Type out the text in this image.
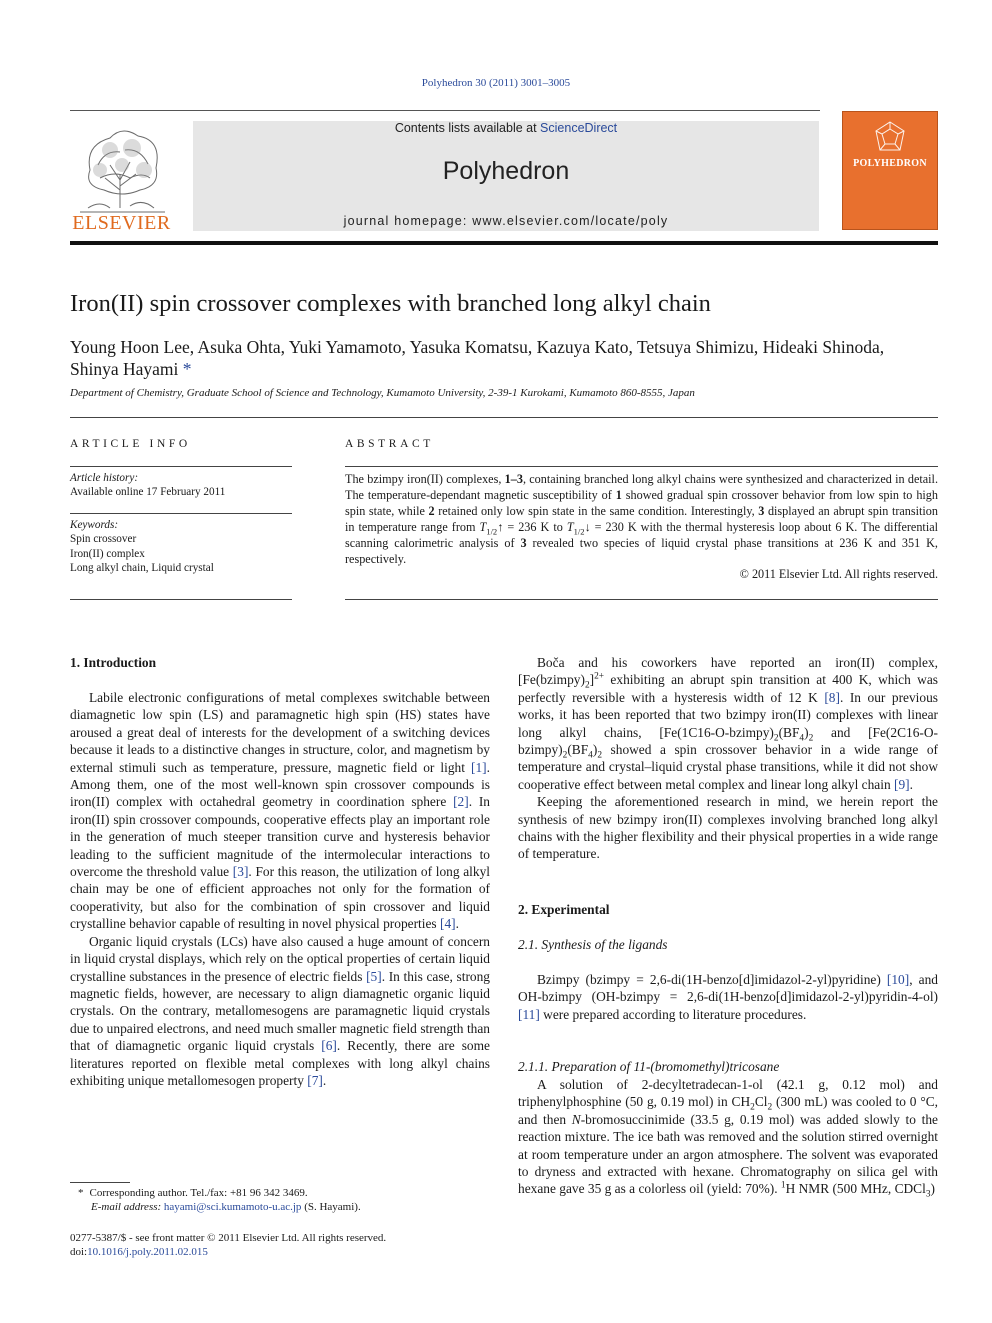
Polyhedron 30 (2011) 3001–3005
ELSEVIER
Contents lists available at ScienceDirect
Polyhedron
journal homepage: www.elsevier.com/locate/poly
POLYHEDRON
Iron(II) spin crossover complexes with branched long alkyl chain
Young Hoon Lee, Asuka Ohta, Yuki Yamamoto, Yasuka Komatsu, Kazuya Kato, Tetsuya Shimizu, Hideaki Shinoda, Shinya Hayami *
Department of Chemistry, Graduate School of Science and Technology, Kumamoto University, 2-39-1 Kurokami, Kumamoto 860-8555, Japan
ARTICLE INFO	ABSTRACT
Article history:
Available online 17 February 2011
Keywords:
Spin crossover
Iron(II) complex
Long alkyl chain, Liquid crystal
The bzimpy iron(II) complexes, 1–3, containing branched long alkyl chains were synthesized and characterized in detail. The temperature-dependant magnetic susceptibility of 1 showed gradual spin crossover behavior from low spin to high spin state, while 2 retained only low spin state in the same condition. Interestingly, 3 displayed an abrupt spin transition in temperature range from $T_{1/2}↑ = 236$ K to $T_{1/2}↓ = 230$ K with the thermal hysteresis loop about 6 K. The differential scanning calorimetric analysis of 3 revealed two species of liquid crystal phase transitions at 236 K and 351 K, respectively.
© 2011 Elsevier Ltd. All rights reserved.
1. Introduction

Labile electronic configurations of metal complexes switchable between diamagnetic low spin (LS) and paramagnetic high spin (HS) states have aroused a great deal of interests for the development of a switching devices because it leads to a distinctive changes in structure, color, and magnetism by external stimuli such as temperature, pressure, magnetic field or light [1]. Among them, one of the most well-known spin crossover compounds is iron(II) complex with octahedral geometry in coordination sphere [2]. In iron(II) spin crossover compounds, cooperative effects play an important role in the generation of much steeper transition curve and hysteresis behavior leading to the sufficient magnitude of the intermolecular interactions to overcome the threshold value [3]. For this reason, the utilization of long alkyl chain may be one of efficient approaches not only for the formation of cooperativity, but also for the combination of spin crossover and liquid crystalline behavior capable of resulting in novel physical properties [4].

Organic liquid crystals (LCs) have also caused a huge amount of concern in liquid crystal displays, which rely on the optical properties of certain liquid crystalline substances in the presence of electric fields [5]. In this case, strong magnetic fields, however, are necessary to align diamagnetic organic liquid crystals. On the contrary, metallomesogens are paramagnetic liquid crystals due to unpaired electrons, and need much smaller magnetic field strength than that of diamagnetic organic liquid crystals [6]. Recently, there are some literatures reported on flexible metal complexes with long alkyl chains exhibiting unique metallomesogen property [7].

Boča and his coworkers have reported an iron(II) complex, $[Fe(bzimpy)_2]^{2+}$ exhibiting an abrupt spin transition at 400 K, which was perfectly reversible with a hysteresis width of 12 K [8]. In our previous works, it has been reported that two bzimpy iron(II) complexes with linear long alkyl chains, [$Fe(1C16-O-bzimpy)_2(BF_4)_2$ and [$Fe(2C16-O-bzimpy)_2(BF_4)_2$ showed a spin crossover behavior in a wide range of temperature and crystal–liquid crystal phase transitions, while it did not show cooperative effect between metal complex and linear long alkyl chain [9].

Keeping the aforementioned research in mind, we herein report the synthesis of new bzimpy iron(II) complexes involving branched long alkyl chains with the higher flexibility and their physical properties in a wide range of temperature.

2. Experimental
2.1. Synthesis of the ligands

Bzimpy (bzimpy = 2,6-di(1H-benzo[d]imidazol-2-yl)pyridine) [10], and OH-bzimpy (OH-bzimpy = 2,6-di(1H-benzo[d]imidazol-2-yl)pyridin-4-ol) [11] were prepared according to literature procedures.

2.1.1. Preparation of 11-(bromomethyl)tricosane

A solution of 2-decyltetradecan-1-ol (42.1 g, 0.12 mol) and triphenylphosphine (50 g, 0.19 mol) in $CH_2Cl_2$ (300 mL) was cooled to 0 °C, and then N-bromosuccinimide (33.5 g, 0.19 mol) was added slowly to the reaction mixture. The ice bath was removed and the solution stirred overnight at room temperature under an argon atmosphere. The solvent was evaporated to dryness and extracted with hexane. Chromatography on silica gel with hexane gave 35 g as a colorless oil (yield: 70%). $^1$H NMR (500 MHz, CDCl$_3$)

* Corresponding author. Tel./fax: +81 96 342 3469.
E-mail address: hayami@sci.kumamoto-u.ac.jp (S. Hayami).
0277-5387/$ - see front matter © 2011 Elsevier Ltd. All rights reserved.
doi:10.1016/j.poly.2011.02.015
